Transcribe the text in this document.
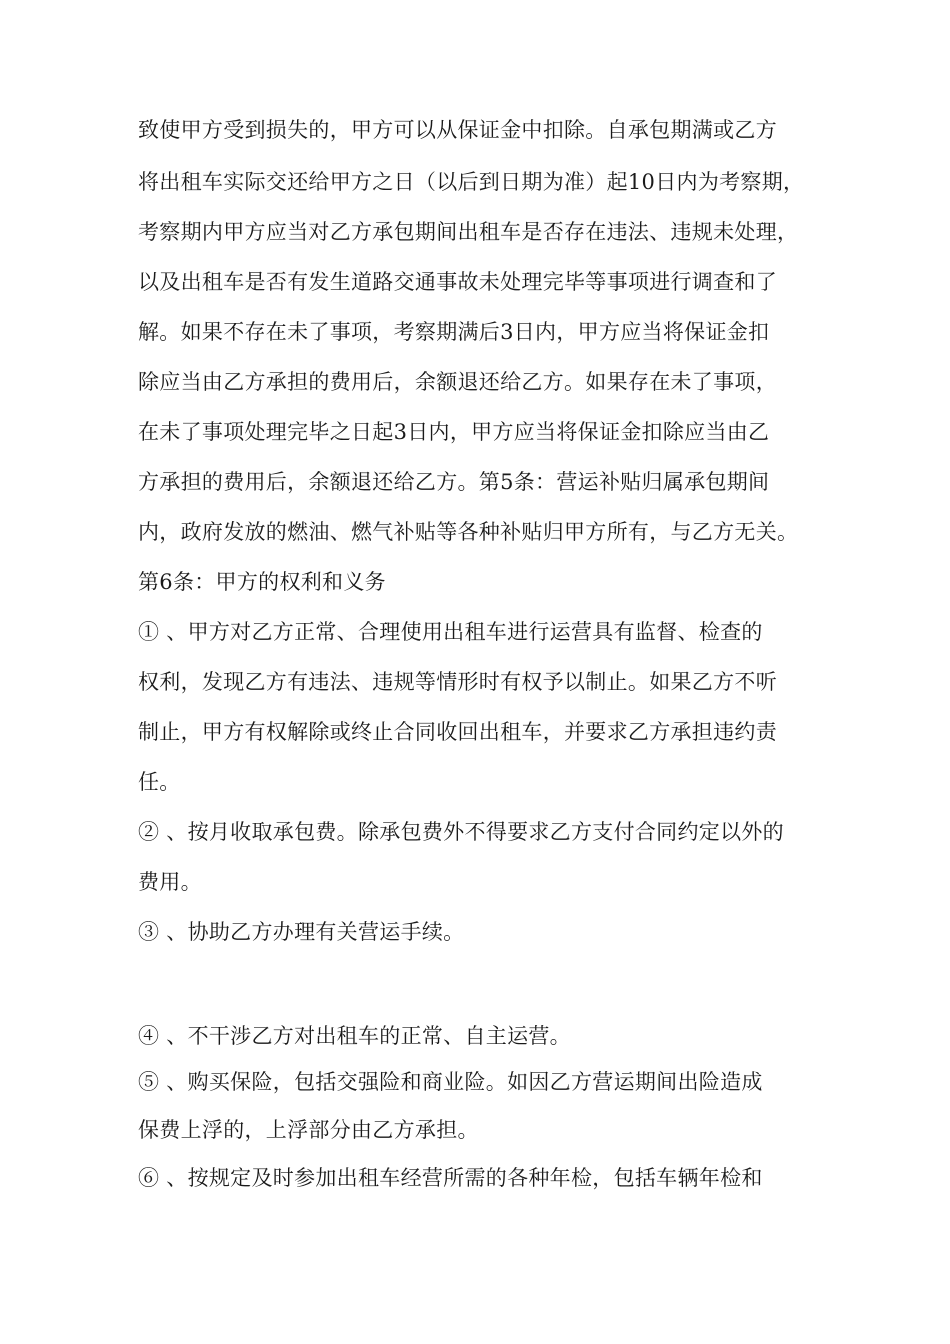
致使甲方受到损失的，甲方可以从保证金中扣除。自承包期满或乙方
将出租车实际交还给甲方之日（以后到日期为准）起10日内为考察期，
考察期内甲方应当对乙方承包期间出租车是否存在违法、违规未处理，
以及出租车是否有发生道路交通事故未处理完毕等事项进行调查和了
解。如果不存在未了事项，考察期满后3日内，甲方应当将保证金扣
除应当由乙方承担的费用后，余额退还给乙方。如果存在未了事项，
在未了事项处理完毕之日起3日内，甲方应当将保证金扣除应当由乙
方承担的费用后，余额退还给乙方。第5条：营运补贴归属承包期间
内，政府发放的燃油、燃气补贴等各种补贴归甲方所有，与乙方无关。
第6条：甲方的权利和义务
① 、甲方对乙方正常、合理使用出租车进行运营具有监督、检查的
权利，发现乙方有违法、违规等情形时有权予以制止。如果乙方不听
制止，甲方有权解除或终止合同收回出租车，并要求乙方承担违约责
任。
② 、按月收取承包费。除承包费外不得要求乙方支付合同约定以外的
费用。
③ 、协助乙方办理有关营运手续。
④ 、不干涉乙方对出租车的正常、自主运营。
⑤ 、购买保险，包括交强险和商业险。如因乙方营运期间出险造成
保费上浮的，上浮部分由乙方承担。
⑥ 、按规定及时参加出租车经营所需的各种年检，包括车辆年检和
